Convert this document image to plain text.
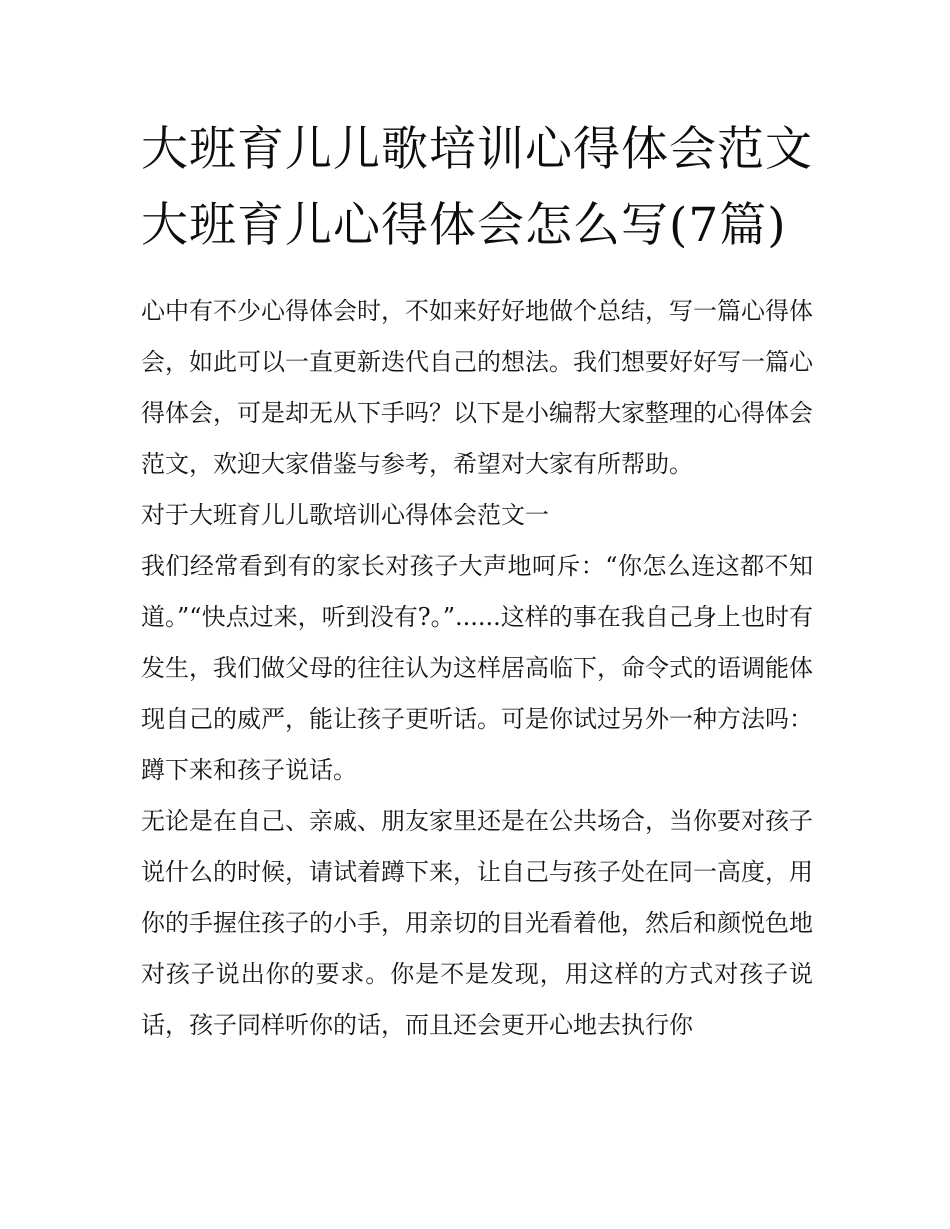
大班育儿儿歌培训心得体会范文 大班育儿心得体会怎么写(7篇)

心中有不少心得体会时，不如来好好地做个总结，写一篇心得体会，如此可以一直更新迭代自己的想法。我们想要好好写一篇心得体会，可是却无从下手吗？以下是小编帮大家整理的心得体会范文，欢迎大家借鉴与参考，希望对大家有所帮助。

对于大班育儿儿歌培训心得体会范文一

我们经常看到有的家长对孩子大声地呵斥：“你怎么连这都不知道。”“快点过来，听到没有?。”......这样的事在我自己身上也时有发生，我们做父母的往往认为这样居高临下，命令式的语调能体现自己的威严，能让孩子更听话。可是你试过另外一种方法吗：蹲下来和孩子说话。

无论是在自己、亲戚、朋友家里还是在公共场合，当你要对孩子说什么的时候，请试着蹲下来，让自己与孩子处在同一高度，用你的手握住孩子的小手，用亲切的目光看着他，然后和颜悦色地对孩子说出你的要求。你是不是发现，用这样的方式对孩子说话，孩子同样听你的话，而且还会更开心地去执行你
